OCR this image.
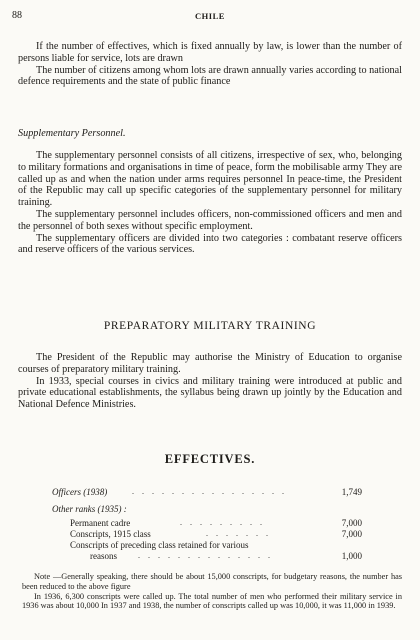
88	CHILE

If the number of effectives, which is fixed annually by law, is lower than the number of persons liable for service, lots are drawn

The number of citizens among whom lots are drawn annually varies according to national defence requirements and the state of public finance

Supplementary Personnel.

The supplementary personnel consists of all citizens, irrespective of sex, who, belonging to military formations and organisations in time of peace, form the mobilisable army They are called up as and when the nation under arms requires personnel In peace-time, the President of the Republic may call up specific categories of the supplementary personnel for military training.

The supplementary personnel includes officers, non-commissioned officers and men and the personnel of both sexes without specific employment.

The supplementary officers are divided into two categories : combatant reserve officers and reserve officers of the various services.

PREPARATORY MILITARY TRAINING

The President of the Republic may authorise the Ministry of Education to organise courses of preparatory military training.

In 1933, special courses in civics and military training were introduced at public and private educational establishments, the syllabus being drawn up jointly by the Education and National Defence Ministries.

EFFECTIVES.
Officers (1938)	. . . . . . . . . . . . . . . .	1,749
Other ranks (1935) :
Permanent cadre	. . . . . . . . .	7,000
Conscripts, 1915 class	. . . . . . .	7,000
Conscripts of preceding class retained for various
reasons	. . . . . . . . . . . . . .	1,000

Note —Generally speaking, there should be about 15,000 conscripts, for budgetary reasons, the number has been reduced to the above figure

In 1936, 6,300 conscripts were called up. The total number of men who performed their military service in 1936 was about 10,000 In 1937 and 1938, the number of conscripts called up was 10,000, it was 11,000 in 1939.
